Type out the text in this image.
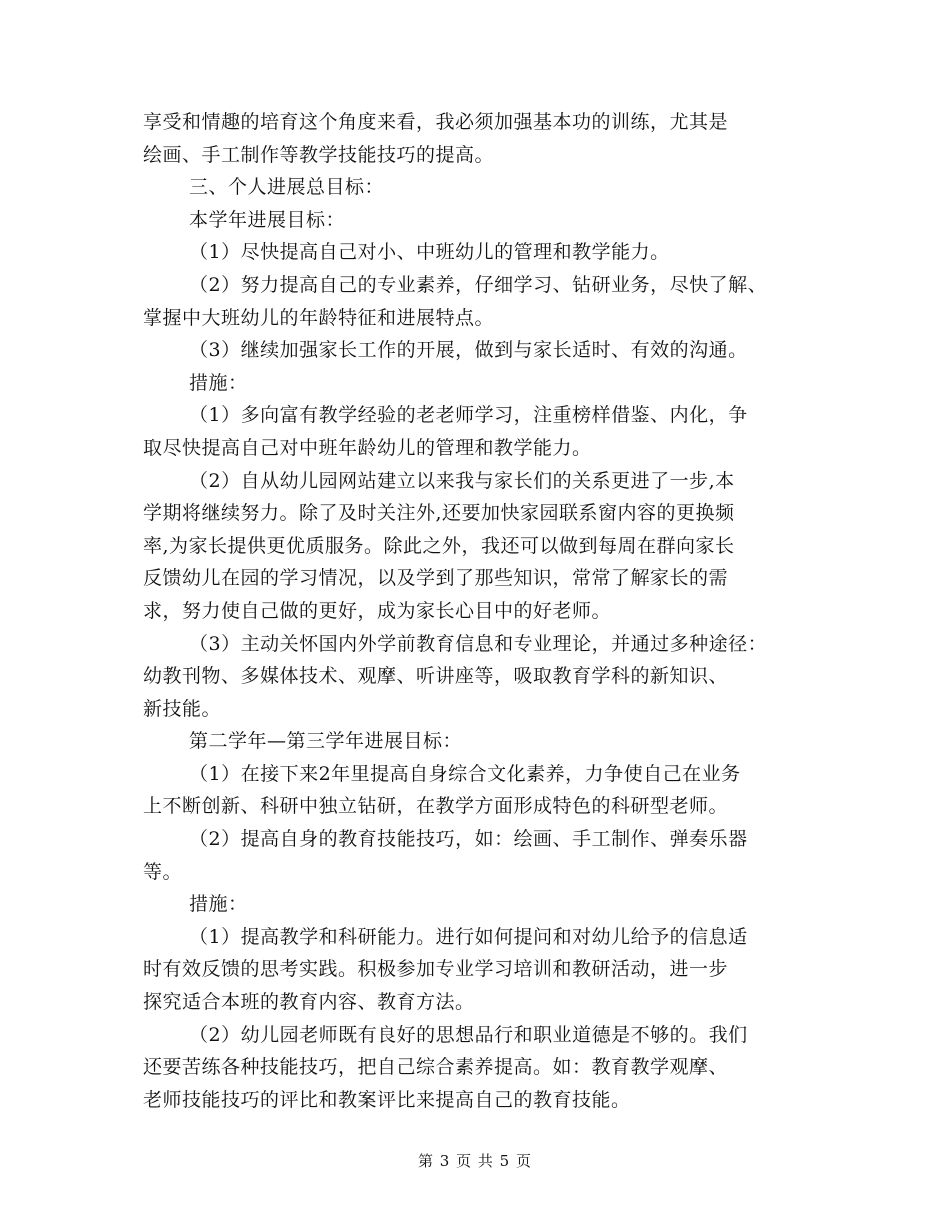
享受和情趣的培育这个角度来看，我必须加强基本功的训练，尤其是
绘画、手工制作等教学技能技巧的提高。
三、个人进展总目标：
本学年进展目标：
（1）尽快提高自己对小、中班幼儿的管理和教学能力。
（2）努力提高自己的专业素养，仔细学习、钻研业务，尽快了解、
掌握中大班幼儿的年龄特征和进展特点。
（3）继续加强家长工作的开展，做到与家长适时、有效的沟通。
措施：
（1）多向富有教学经验的老老师学习，注重榜样借鉴、内化，争
取尽快提高自己对中班年龄幼儿的管理和教学能力。
（2）自从幼儿园网站建立以来我与家长们的关系更进了一步,本
学期将继续努力。除了及时关注外,还要加快家园联系窗内容的更换频
率,为家长提供更优质服务。除此之外，我还可以做到每周在群向家长
反馈幼儿在园的学习情况，以及学到了那些知识，常常了解家长的需
求，努力使自己做的更好，成为家长心目中的好老师。
（3）主动关怀国内外学前教育信息和专业理论，并通过多种途径：
幼教刊物、多媒体技术、观摩、听讲座等，吸取教育学科的新知识、
新技能。
第二学年—第三学年进展目标：
（1）在接下来2年里提高自身综合文化素养，力争使自己在业务
上不断创新、科研中独立钻研，在教学方面形成特色的科研型老师。
（2）提高自身的教育技能技巧，如：绘画、手工制作、弹奏乐器
等。
措施：
（1）提高教学和科研能力。进行如何提问和对幼儿给予的信息适
时有效反馈的思考实践。积极参加专业学习培训和教研活动，进一步
探究适合本班的教育内容、教育方法。
（2）幼儿园老师既有良好的思想品行和职业道德是不够的。我们
还要苦练各种技能技巧，把自己综合素养提高。如：教育教学观摩、
老师技能技巧的评比和教案评比来提高自己的教育技能。
第 3 页 共 5 页
